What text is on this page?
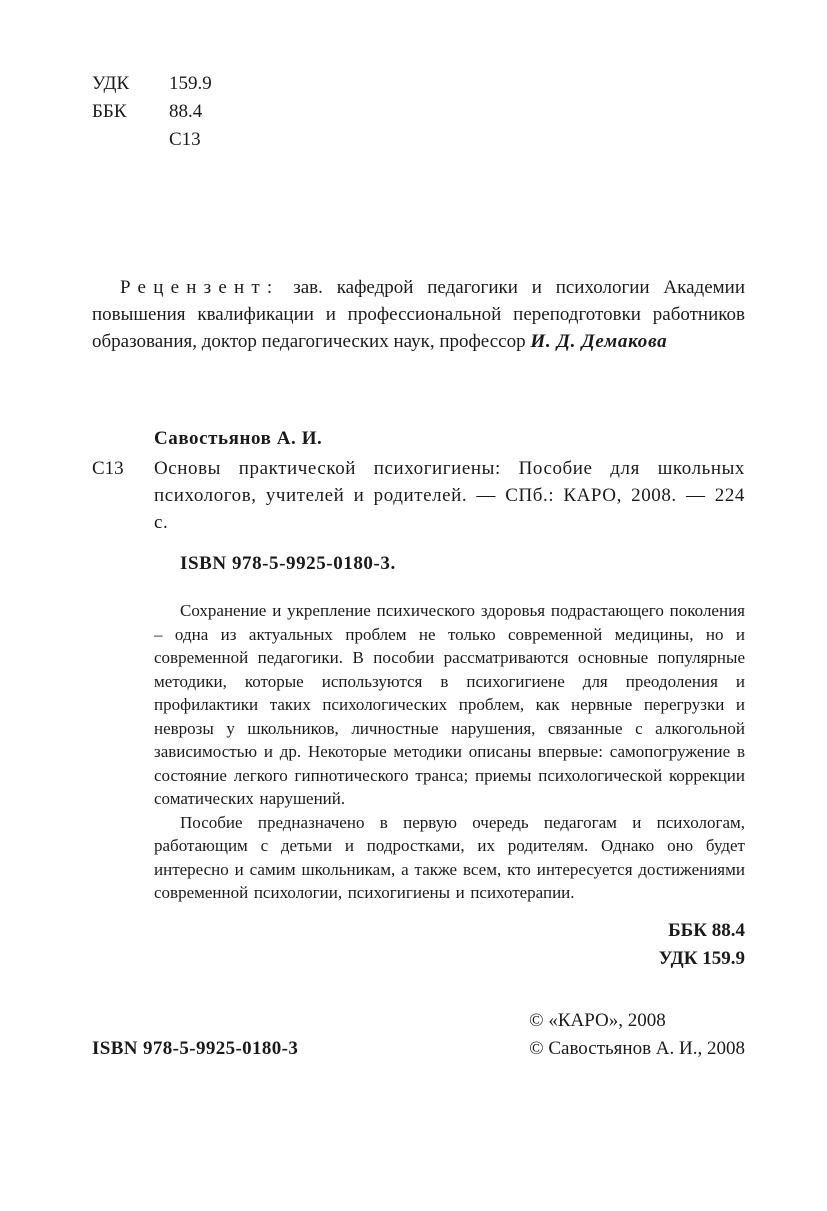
УДК 159.9
ББК 88.4
С13
Рецензент: зав. кафедрой педагогики и психологии Академии повышения квалификации и профессиональной переподготовки работников образования, доктор педагогических наук, профессор И. Д. Демакова
Савостьянов А. И.
С13 Основы практической психогигиены: Пособие для школьных психологов, учителей и родителей. — СПб.: КАРО, 2008. — 224 с.
ISBN 978-5-9925-0180-3.

Сохранение и укрепление психического здоровья подрастающего поколения – одна из актуальных проблем не только современной медицины, но и современной педагогики. В пособии рассматриваются основные популярные методики, которые используются в психогигиене для преодоления и профилактики таких психологических проблем, как нервные перегрузки и неврозы у школьников, личностные нарушения, связанные с алкогольной зависимостью и др. Некоторые методики описаны впервые: самопогружение в состояние легкого гипнотического транса; приемы психологической коррекции соматических нарушений.

Пособие предназначено в первую очередь педагогам и психологам, работающим с детьми и подростками, их родителям. Однако оно будет интересно и самим школьникам, а также всем, кто интересуется достижениями современной психологии, психогигиены и психотерапии.

ББК 88.4
УДК 159.9
ISBN 978-5-9925-0180-3
© «КАРО», 2008
© Савостьянов А. И., 2008
